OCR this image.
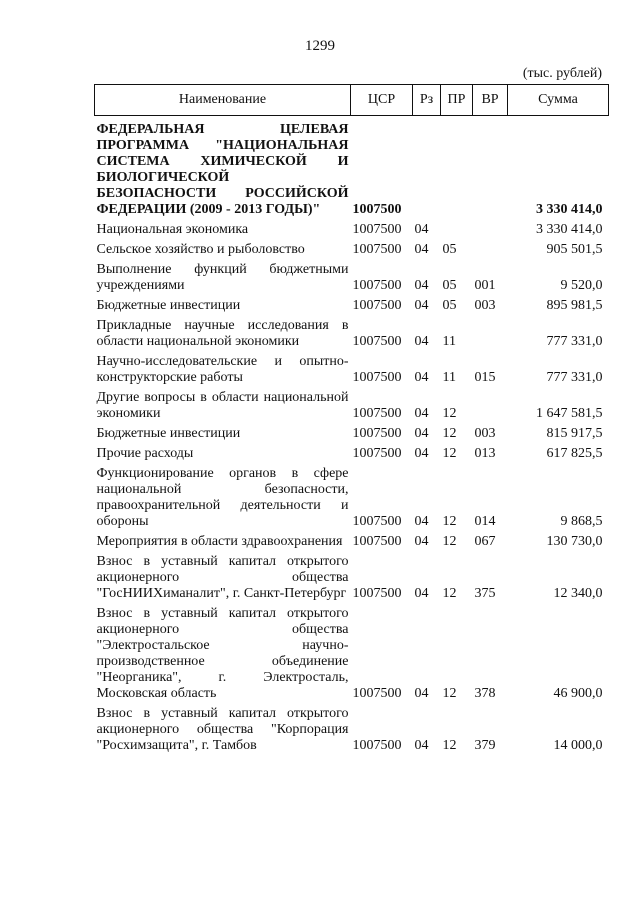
1299
(тыс. рублей)
Наименование	ЦСР	Рз	ПР	ВР	Сумма
ФЕДЕРАЛЬНАЯ ЦЕЛЕВАЯ ПРОГРАММА "НАЦИОНАЛЬНАЯ СИСТЕМА ХИМИЧЕСКОЙ И БИОЛОГИЧЕСКОЙ БЕЗОПАСНОСТИ РОССИЙСКОЙ ФЕДЕРАЦИИ (2009 - 2013 ГОДЫ)"	1007500				3 330 414,0
Национальная экономика	1007500	04			3 330 414,0
Сельское хозяйство и рыболовство	1007500	04	05		905 501,5
Выполнение функций бюджетными учреждениями	1007500	04	05	001	9 520,0
Бюджетные инвестиции	1007500	04	05	003	895 981,5
Прикладные научные исследования в области национальной экономики	1007500	04	11		777 331,0
Научно-исследовательские и опытно-конструкторские работы	1007500	04	11	015	777 331,0
Другие вопросы в области национальной экономики	1007500	04	12		1 647 581,5
Бюджетные инвестиции	1007500	04	12	003	815 917,5
Прочие расходы	1007500	04	12	013	617 825,5
Функционирование органов в сфере национальной безопасности, правоохранительной деятельности и обороны	1007500	04	12	014	9 868,5
Мероприятия в области здравоохранения	1007500	04	12	067	130 730,0
Взнос в уставный капитал открытого акционерного общества "ГосНИИХиманалит", г. Санкт-Петербург	1007500	04	12	375	12 340,0
Взнос в уставный капитал открытого акционерного общества "Электростальское научно-производственное объединение "Неорганика", г. Электросталь, Московская область	1007500	04	12	378	46 900,0
Взнос в уставный капитал открытого акционерного общества "Корпорация "Росхимзащита", г. Тамбов	1007500	04	12	379	14 000,0
